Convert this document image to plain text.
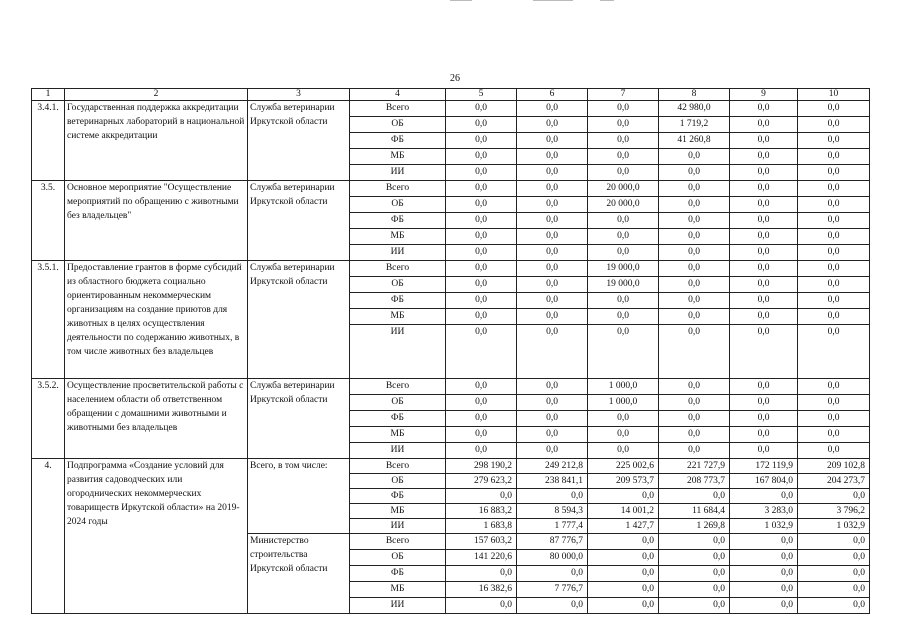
26
1	2	3	4	5	6	7	8	9	10
3.4.1.	Государственная поддержка аккредитации ветеринарных лабораторий в национальной системе аккредитации	Служба ветеринарии Иркутской области	Всего	0,0	0,0	0,0	42 980,0	0,0	0,0
			ОБ	0,0	0,0	0,0	1 719,2	0,0	0,0
			ФБ	0,0	0,0	0,0	41 260,8	0,0	0,0
			МБ	0,0	0,0	0,0	0,0	0,0	0,0
			ИИ	0,0	0,0	0,0	0,0	0,0	0,0
3.5.	Основное мероприятие "Осуществление мероприятий по обращению с животными без владельцев"	Служба ветеринарии Иркутской области	Всего	0,0	0,0	20 000,0	0,0	0,0	0,0
			ОБ	0,0	0,0	20 000,0	0,0	0,0	0,0
			ФБ	0,0	0,0	0,0	0,0	0,0	0,0
			МБ	0,0	0,0	0,0	0,0	0,0	0,0
			ИИ	0,0	0,0	0,0	0,0	0,0	0,0
3.5.1.	Предоставление грантов в форме субсидий из областного бюджета социально ориентированным некоммерческим организациям на создание приютов для животных в целях осуществления деятельности по содержанию животных, в том числе животных без владельцев	Служба ветеринарии Иркутской области	Всего	0,0	0,0	19 000,0	0,0	0,0	0,0
			ОБ	0,0	0,0	19 000,0	0,0	0,0	0,0
			ФБ	0,0	0,0	0,0	0,0	0,0	0,0
			МБ	0,0	0,0	0,0	0,0	0,0	0,0
			ИИ	0,0	0,0	0,0	0,0	0,0	0,0
3.5.2.	Осуществление просветительской работы с населением области об ответственном обращении с домашними животными и животными без владельцев	Служба ветеринарии Иркутской области	Всего	0,0	0,0	1 000,0	0,0	0,0	0,0
			ОБ	0,0	0,0	1 000,0	0,0	0,0	0,0
			ФБ	0,0	0,0	0,0	0,0	0,0	0,0
			МБ	0,0	0,0	0,0	0,0	0,0	0,0
			ИИ	0,0	0,0	0,0	0,0	0,0	0,0
4.	Подпрограмма «Создание условий для развития садоводческих или огороднических некоммерческих товариществ Иркутской области» на 2019-2024 годы	Всего, в том числе:	Всего	298 190,2	249 212,8	225 002,6	221 727,9	172 119,9	209 102,8
			ОБ	279 623,2	238 841,1	209 573,7	208 773,7	167 804,0	204 273,7
			ФБ	0,0	0,0	0,0	0,0	0,0	0,0
			МБ	16 883,2	8 594,3	14 001,2	11 684,4	3 283,0	3 796,2
			ИИ	1 683,8	1 777,4	1 427,7	1 269,8	1 032,9	1 032,9
		Министерство строительства Иркутской области	Всего	157 603,2	87 776,7	0,0	0,0	0,0	0,0
			ОБ	141 220,6	80 000,0	0,0	0,0	0,0	0,0
			ФБ	0,0	0,0	0,0	0,0	0,0	0,0
			МБ	16 382,6	7 776,7	0,0	0,0	0,0	0,0
			ИИ	0,0	0,0	0,0	0,0	0,0	0,0
